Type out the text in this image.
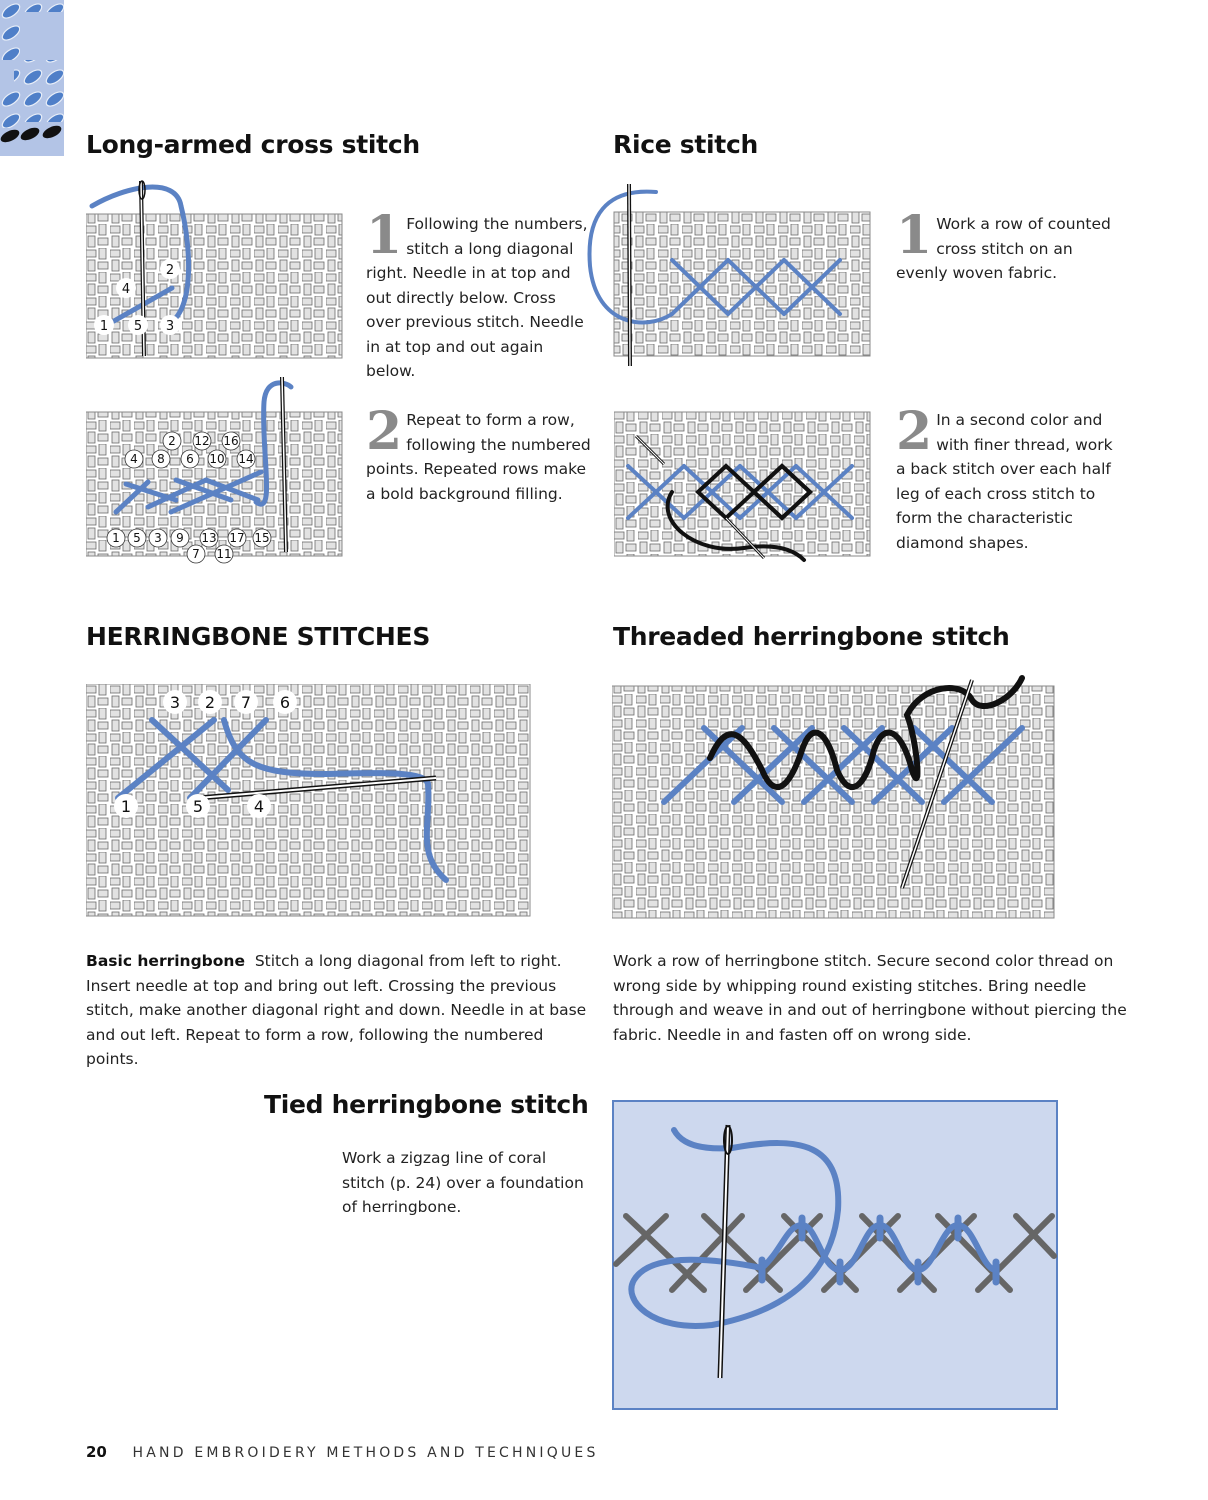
Long-armed cross stitch
1
2
3
4
5
1 Following the numbers, stitch a long diagonal right. Needle in at top and out directly below. Cross over previous stitch. Needle in at top and out again below.
1
2
3
4
5
6
7
8
9
10
11
12
13
14
15
16
17
2 Repeat to form a row, following the numbered points. Repeated rows make a bold background filling.
Rice stitch
1 Work a row of counted cross stitch on an evenly woven fabric.
2 In a second color and with finer thread, work a back stitch over each half leg of each cross stitch to form the characteristic diamond shapes.
HERRINGBONE STITCHES
1
2
3
4
5
6
7
Basic herringbone Stitch a long diagonal from left to right. Insert needle at top and bring out left. Crossing the previous stitch, make another diagonal right and down. Needle in at base and out left. Repeat to form a row, following the numbered points.
Threaded herringbone stitch
Work a row of herringbone stitch. Secure second color thread on wrong side by whipping round existing stitches. Bring needle through and weave in and out of herringbone without piercing the fabric. Needle in and fasten off on wrong side.
Tied herringbone stitch
Work a zigzag line of coral stitch (p. 24) over a foundation of herringbone.
20 HAND EMBROIDERY METHODS AND TECHNIQUES
